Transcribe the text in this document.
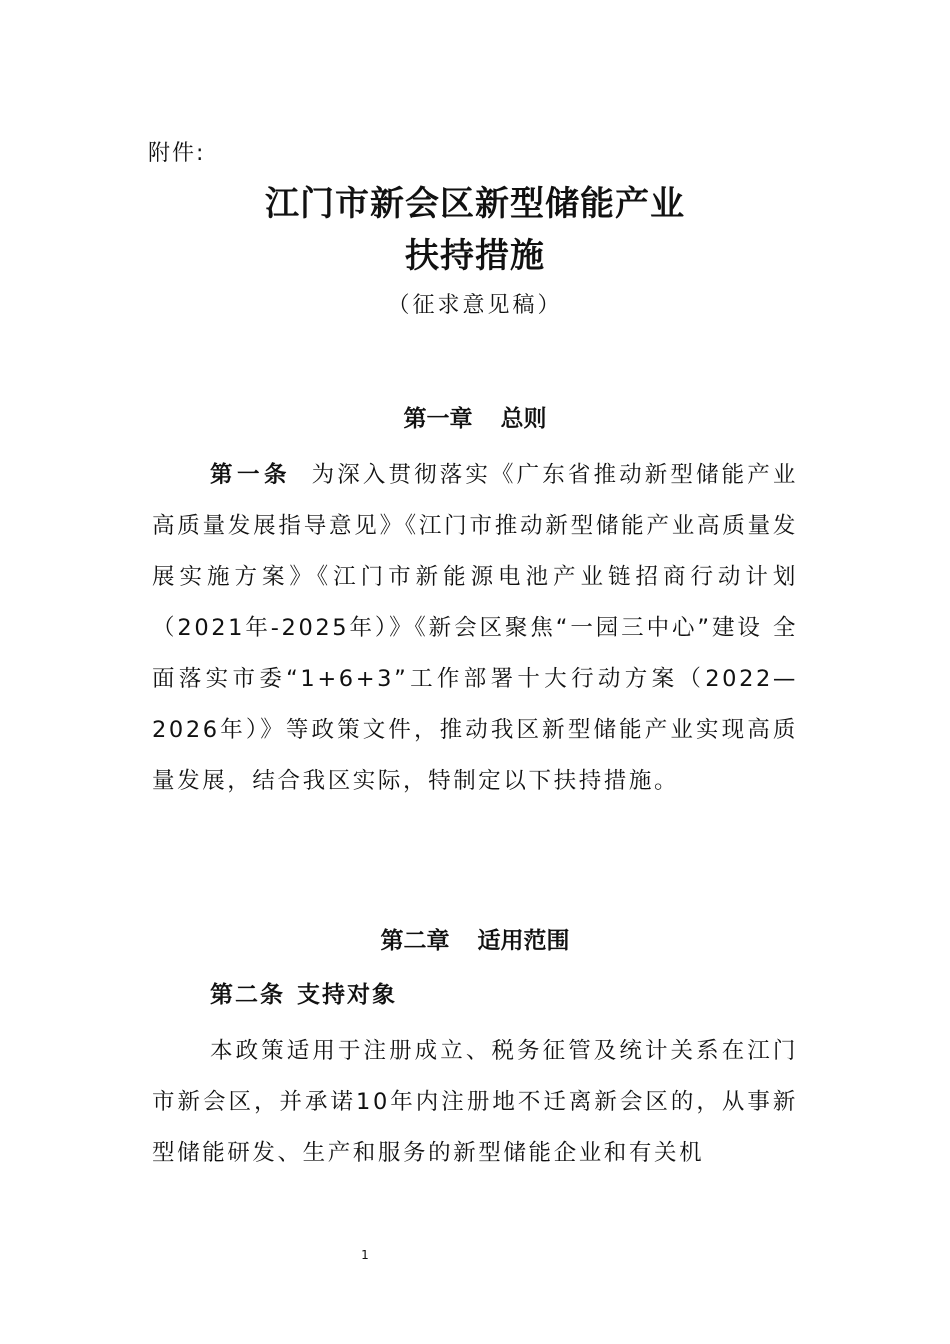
附件:
江门市新会区新型储能产业
扶持措施
（征求意见稿）
第一章 总则
第一条 为深入贯彻落实《广东省推动新型储能产业高质量发展指导意见》《江门市推动新型储能产业高质量发展实施方案》《江门市新能源电池产业链招商行动计划（2021年-2025年）》《新会区聚焦“一园三中心”建设 全面落实市委“1+6+3”工作部署十大行动方案（2022—2026年）》等政策文件，推动我区新型储能产业实现高质量发展，结合我区实际，特制定以下扶持措施。
第二章 适用范围
第二条 支持对象
本政策适用于注册成立、税务征管及统计关系在江门市新会区，并承诺10年内注册地不迁离新会区的，从事新型储能研发、生产和服务的新型储能企业和有关机
1
